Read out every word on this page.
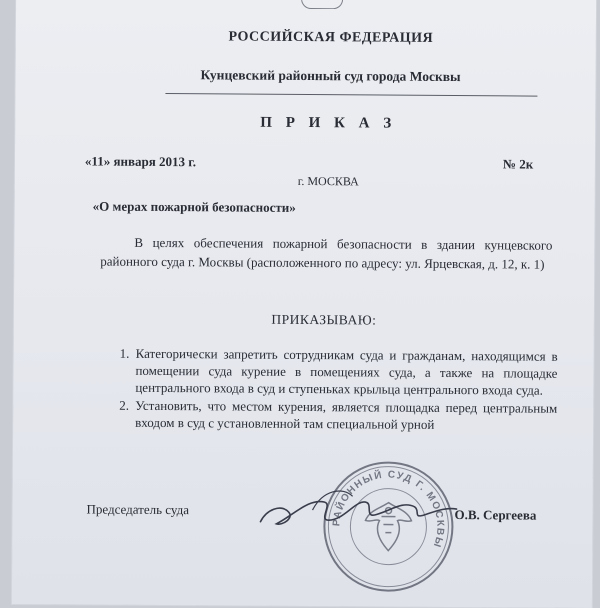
РОССИЙСКАЯ ФЕДЕРАЦИЯ
Кунцевский районный суд города Москвы
П Р И К А З
«11» января 2013 г.	№ 2к
г. МОСКВА
«О мерах пожарной безопасности»
В целях обеспечения пожарной безопасности в здании кунцевского районного суда г. Москвы (расположенного по адресу: ул. Ярцевская, д. 12, к. 1)
ПРИКАЗЫВАЮ:
1. Категорически запретить сотрудникам суда и гражданам, находящимся в помещении суда курение в помещениях суда, а также на площадке центрального входа в суд и ступеньках крыльца центрального входа суда.
2. Установить, что местом курения, является площадка перед центральным входом в суд с установленной там специальной урной
Председатель суда
РАЙОННЫЙ СУД Г. МОСКВЫ
О.В. Сергеева
